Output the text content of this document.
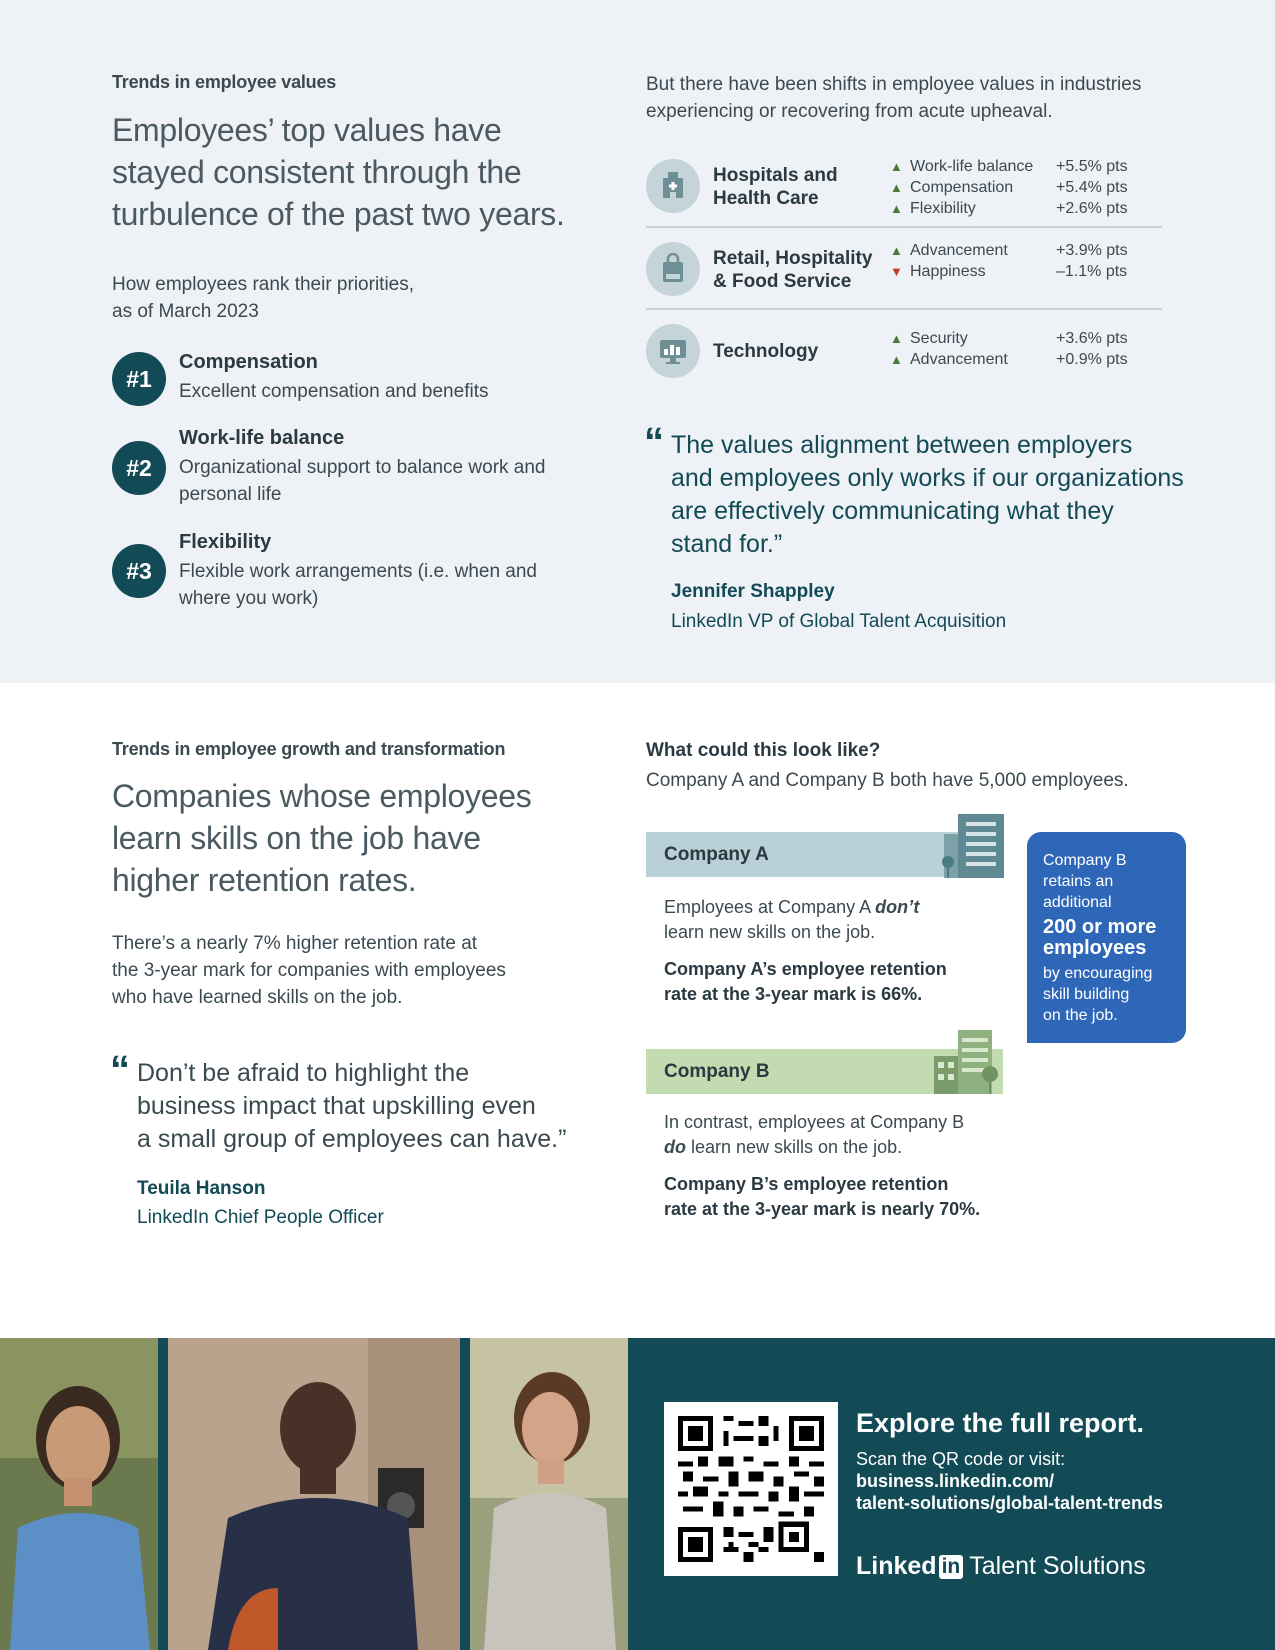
Trends in employee values
Employees’ top values have
stayed consistent through the
turbulence of the past two years.
How employees rank their priorities,
as of March 2023
#1
Compensation
Excellent compensation and benefits
#2
Work-life balance
Organizational support to balance work and personal life
#3
Flexibility
Flexible work arrangements (i.e. when and where you work)
But there have been shifts in employee values in industries
experiencing or recovering from acute upheaval.
Hospitals and Health Care
▲ Work-life balance +5.5% pts
▲ Compensation	+5.4% pts
▲ Flexibility	+2.6% pts
Retail, Hospitality & Food Service
▲ Advancement	+3.9% pts
▼ Happiness	–1.1% pts
Technology
▲ Security	+3.6% pts
▲ Advancement	+0.9% pts
“ The values alignment between employers
and employees only works if our organizations
are effectively communicating what they
stand for.”
Jennifer Shappley
LinkedIn VP of Global Talent Acquisition
Trends in employee growth and transformation
Companies whose employees
learn skills on the job have
higher retention rates.
There’s a nearly 7% higher retention rate at
the 3-year mark for companies with employees
who have learned skills on the job.
“ Don’t be afraid to highlight the
business impact that upskilling even
a small group of employees can have.”
Teuila Hanson
LinkedIn Chief People Officer
What could this look like?
Company A and Company B both have 5,000 employees.
Company A
Employees at Company A don’t
learn new skills on the job.
Company A’s employee retention
rate at the 3-year mark is 66%.
Company B
In contrast, employees at Company B
do learn new skills on the job.
Company B’s employee retention
rate at the 3-year mark is nearly 70%.
Company B
retains an
additional
200 or more
employees
by encouraging
skill building
on the job.
Explore the full report.
Scan the QR code or visit:
business.linkedin.com/
talent-solutions/global-talent-trends
Linked in Talent Solutions
